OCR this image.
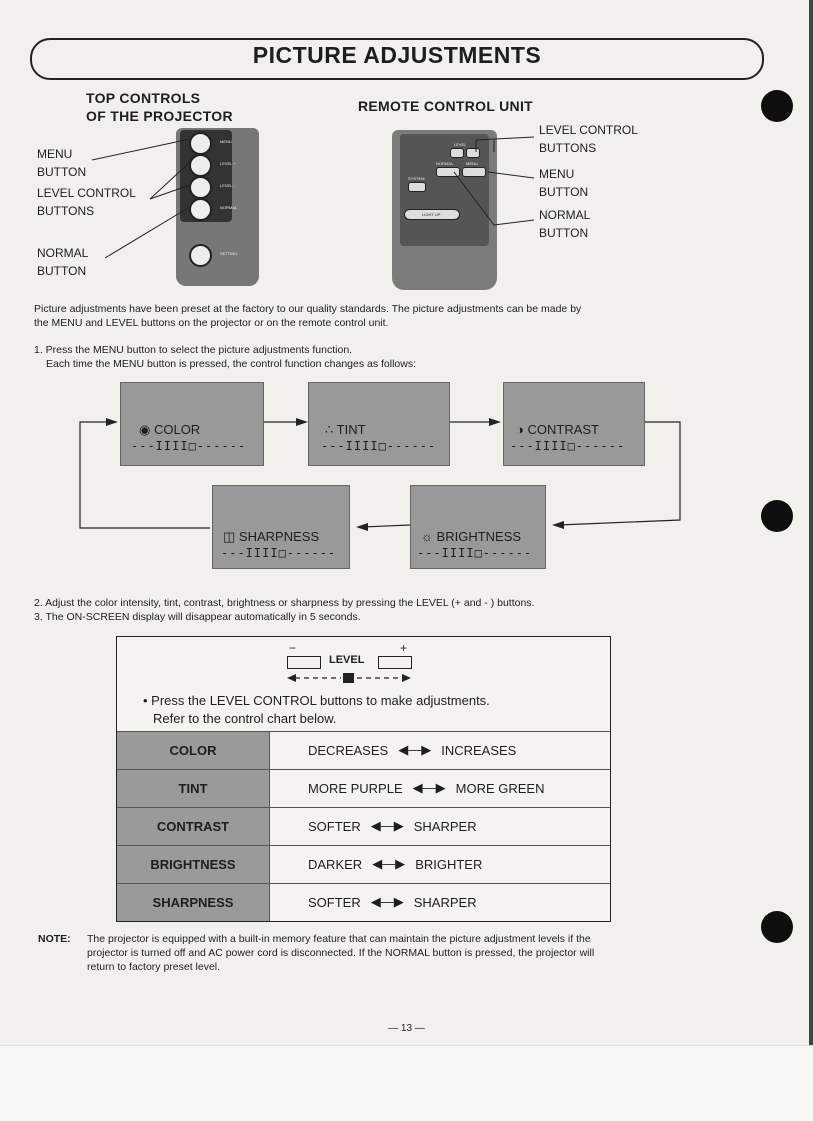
PICTURE ADJUSTMENTS
TOP CONTROLS
OF THE PROJECTOR
MENU
BUTTON
LEVEL CONTROL
BUTTONS
NORMAL
BUTTON
MENU
LEVEL +
LEVEL -
NORMAL
SETTING
REMOTE CONTROL UNIT
LEVEL CONTROL
BUTTONS
MENU
BUTTON
NORMAL
BUTTON
LEVEL
NORMAL	MENU
SYSTEM
LIGHT UP
Picture adjustments have been preset at the factory to our quality standards. The picture adjustments can be made by
the MENU and LEVEL buttons on the projector or on the remote control unit.
1. Press the MENU button to select the picture adjustments function.
Each time the MENU button is pressed, the control function changes as follows:
◉ COLOR
---IIII□------
∴ TINT
---IIII□------
◑ CONTRAST
---IIII□------
◫ SHARPNESS
---IIII□------
☼ BRIGHTNESS
---IIII□------
2. Adjust the color intensity, tint, contrast, brightness or sharpness by pressing the LEVEL (+ and - ) buttons.
3. The ON-SCREEN display will disappear automatically in 5 seconds.
−	+
LEVEL
• Press the LEVEL CONTROL buttons to make adjustments.
Refer to the control chart below.
COLOR	DECREASES ◀—▶ INCREASES
TINT	MORE PURPLE ◀—▶ MORE GREEN
CONTRAST	SOFTER ◀—▶ SHARPER
BRIGHTNESS	DARKER ◀—▶ BRIGHTER
SHARPNESS	SOFTER ◀—▶ SHARPER
NOTE: The projector is equipped with a built-in memory feature that can maintain the picture adjustment levels if the
projector is turned off and AC power cord is disconnected. If the NORMAL button is pressed, the projector will
return to factory preset level.
— 13 —
